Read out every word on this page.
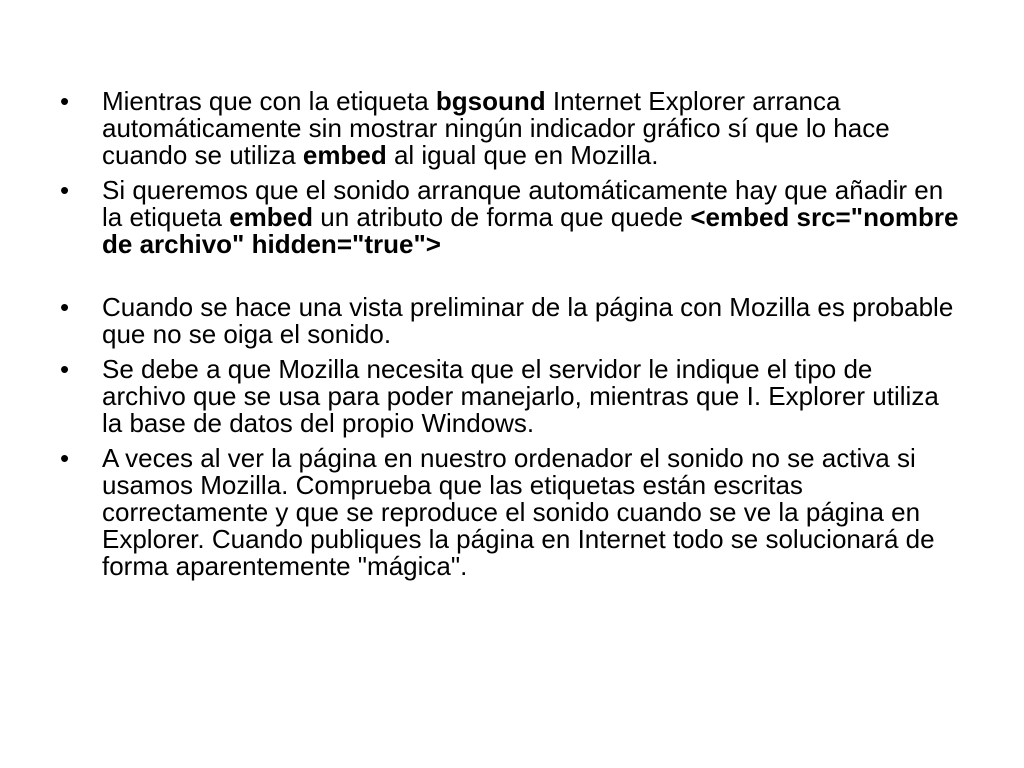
•	Mientras que con la etiqueta bgsound Internet Explorer arranca automáticamente sin mostrar ningún indicador gráfico sí que lo hace cuando se utiliza embed al igual que en Mozilla.
•	Si queremos que el sonido arranque automáticamente hay que añadir en la etiqueta embed un atributo de forma que quede <embed src="nombre de archivo" hidden="true">
•	Cuando se hace una vista preliminar de la página con Mozilla es probable que no se oiga el sonido.
•	Se debe a que Mozilla necesita que el servidor le indique el tipo de archivo que se usa para poder manejarlo, mientras que I. Explorer utiliza la base de datos del propio Windows.
•	A veces al ver la página en nuestro ordenador el sonido no se activa si usamos Mozilla. Comprueba que las etiquetas están escritas correctamente y que se reproduce el sonido cuando se ve la página en Explorer. Cuando publiques la página en Internet todo se solucionará de forma aparentemente "mágica".
